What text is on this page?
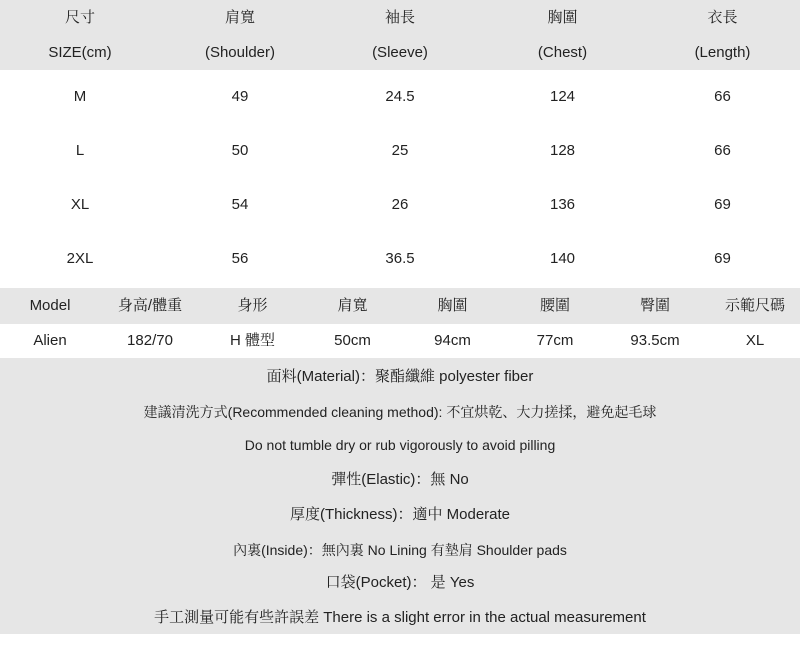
尺寸	肩寬	袖長	胸圍	衣長
SIZE(cm)	(Shoulder)	(Sleeve)	(Chest)	(Length)
M	49	24.5	124	66
L	50	25	128	66
XL	54	26	136	69
2XL	56	36.5	140	69
Model	身高/體重	身形	肩寬	胸圍	腰圍	臀圍	示範尺碼
Alien	182/70	H 體型	50cm	94cm	77cm	93.5cm	XL
面料(Material)：聚酯纖維 polyester fiber
建議清洗方式(Recommended cleaning method): 不宜烘乾、大力搓揉，避免起毛球
Do not tumble dry or rub vigorously to avoid pilling
彈性(Elastic)：無 No
厚度(Thickness)：適中 Moderate
內裏(Inside)：無內裏 No Lining 有墊肩 Shoulder pads
口袋(Pocket)： 是 Yes
手工測量可能有些許誤差 There is a slight error in the actual measurement
